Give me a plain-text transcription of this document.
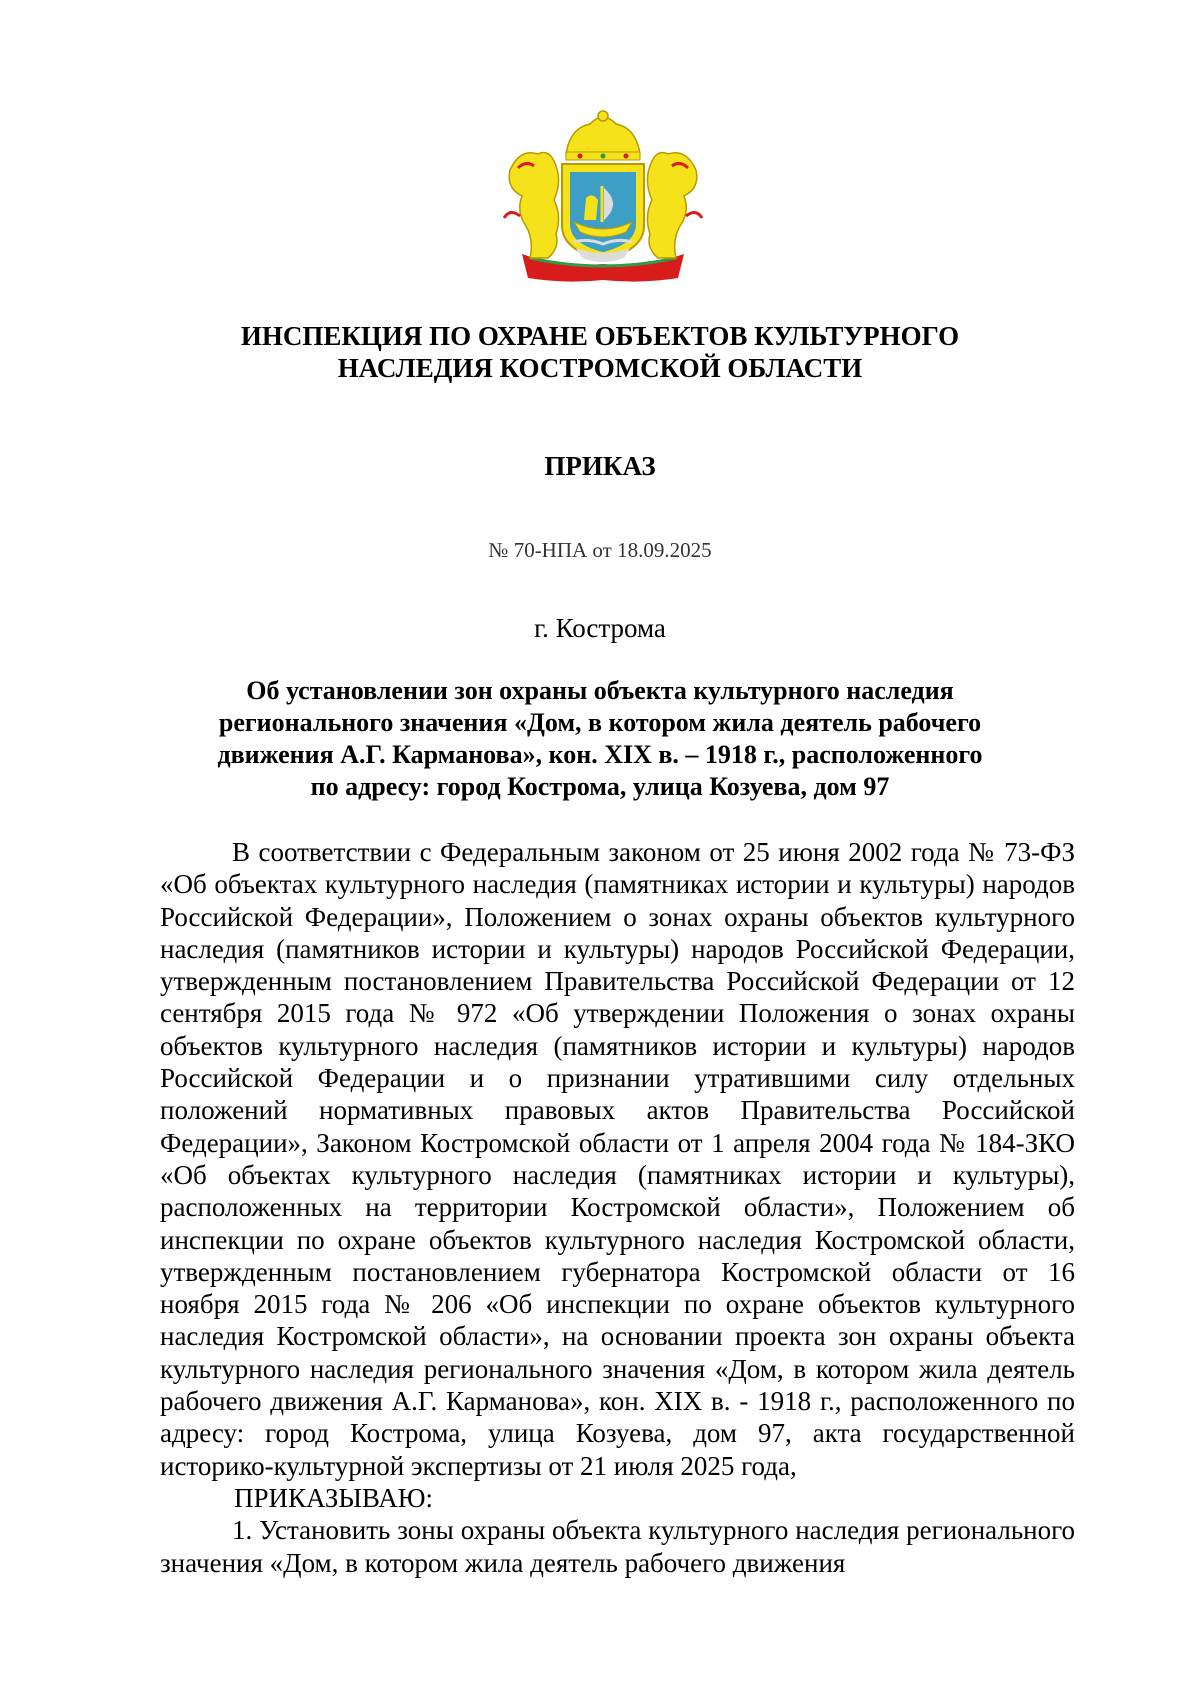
ИНСПЕКЦИЯ ПО ОХРАНЕ ОБЪЕКТОВ КУЛЬТУРНОГО
НАСЛЕДИЯ КОСТРОМСКОЙ ОБЛАСТИ
ПРИКАЗ
№ 70-НПА от 18.09.2025
г. Кострома
Об установлении зон охраны объекта культурного наследия
регионального значения «Дом, в котором жила деятель рабочего
движения А.Г. Карманова», кон. XIX в. – 1918 г., расположенного
по адресу: город Кострома, улица Козуева, дом 97

В соответствии с Федеральным законом от 25 июня 2002 года № 73-ФЗ «Об объектах культурного наследия (памятниках истории и культуры) народов Российской Федерации», Положением о зонах охраны объектов культурного наследия (памятников истории и культуры) народов Российской Федерации, утвержденным постановлением Правительства Российской Федерации от 12 сентября 2015 года № 972 «Об утверждении Положения о зонах охраны объектов культурного наследия (памятников истории и культуры) народов Российской Федерации и о признании утратившими силу отдельных положений нормативных правовых актов Правительства Российской Федерации», Законом Костромской области от 1 апреля 2004 года № 184-ЗКО «Об объектах культурного наследия (памятниках истории и культуры), расположенных на территории Костромской области», Положением об инспекции по охране объектов культурного наследия Костромской области, утвержденным постановлением губернатора Костромской области от 16 ноября 2015 года № 206 «Об инспекции по охране объектов культурного наследия Костромской области», на основании проекта зон охраны объекта культурного наследия регионального значения «Дом, в котором жила деятель рабочего движения А.Г. Карманова», кон. XIX в. - 1918 г., расположенного по адресу: город Кострома, улица Козуева, дом 97, акта государственной историко-культурной экспертизы от 21 июля 2025 года,

ПРИКАЗЫВАЮ:

1. Установить зоны охраны объекта культурного наследия регионального значения «Дом, в котором жила деятель рабочего движения
